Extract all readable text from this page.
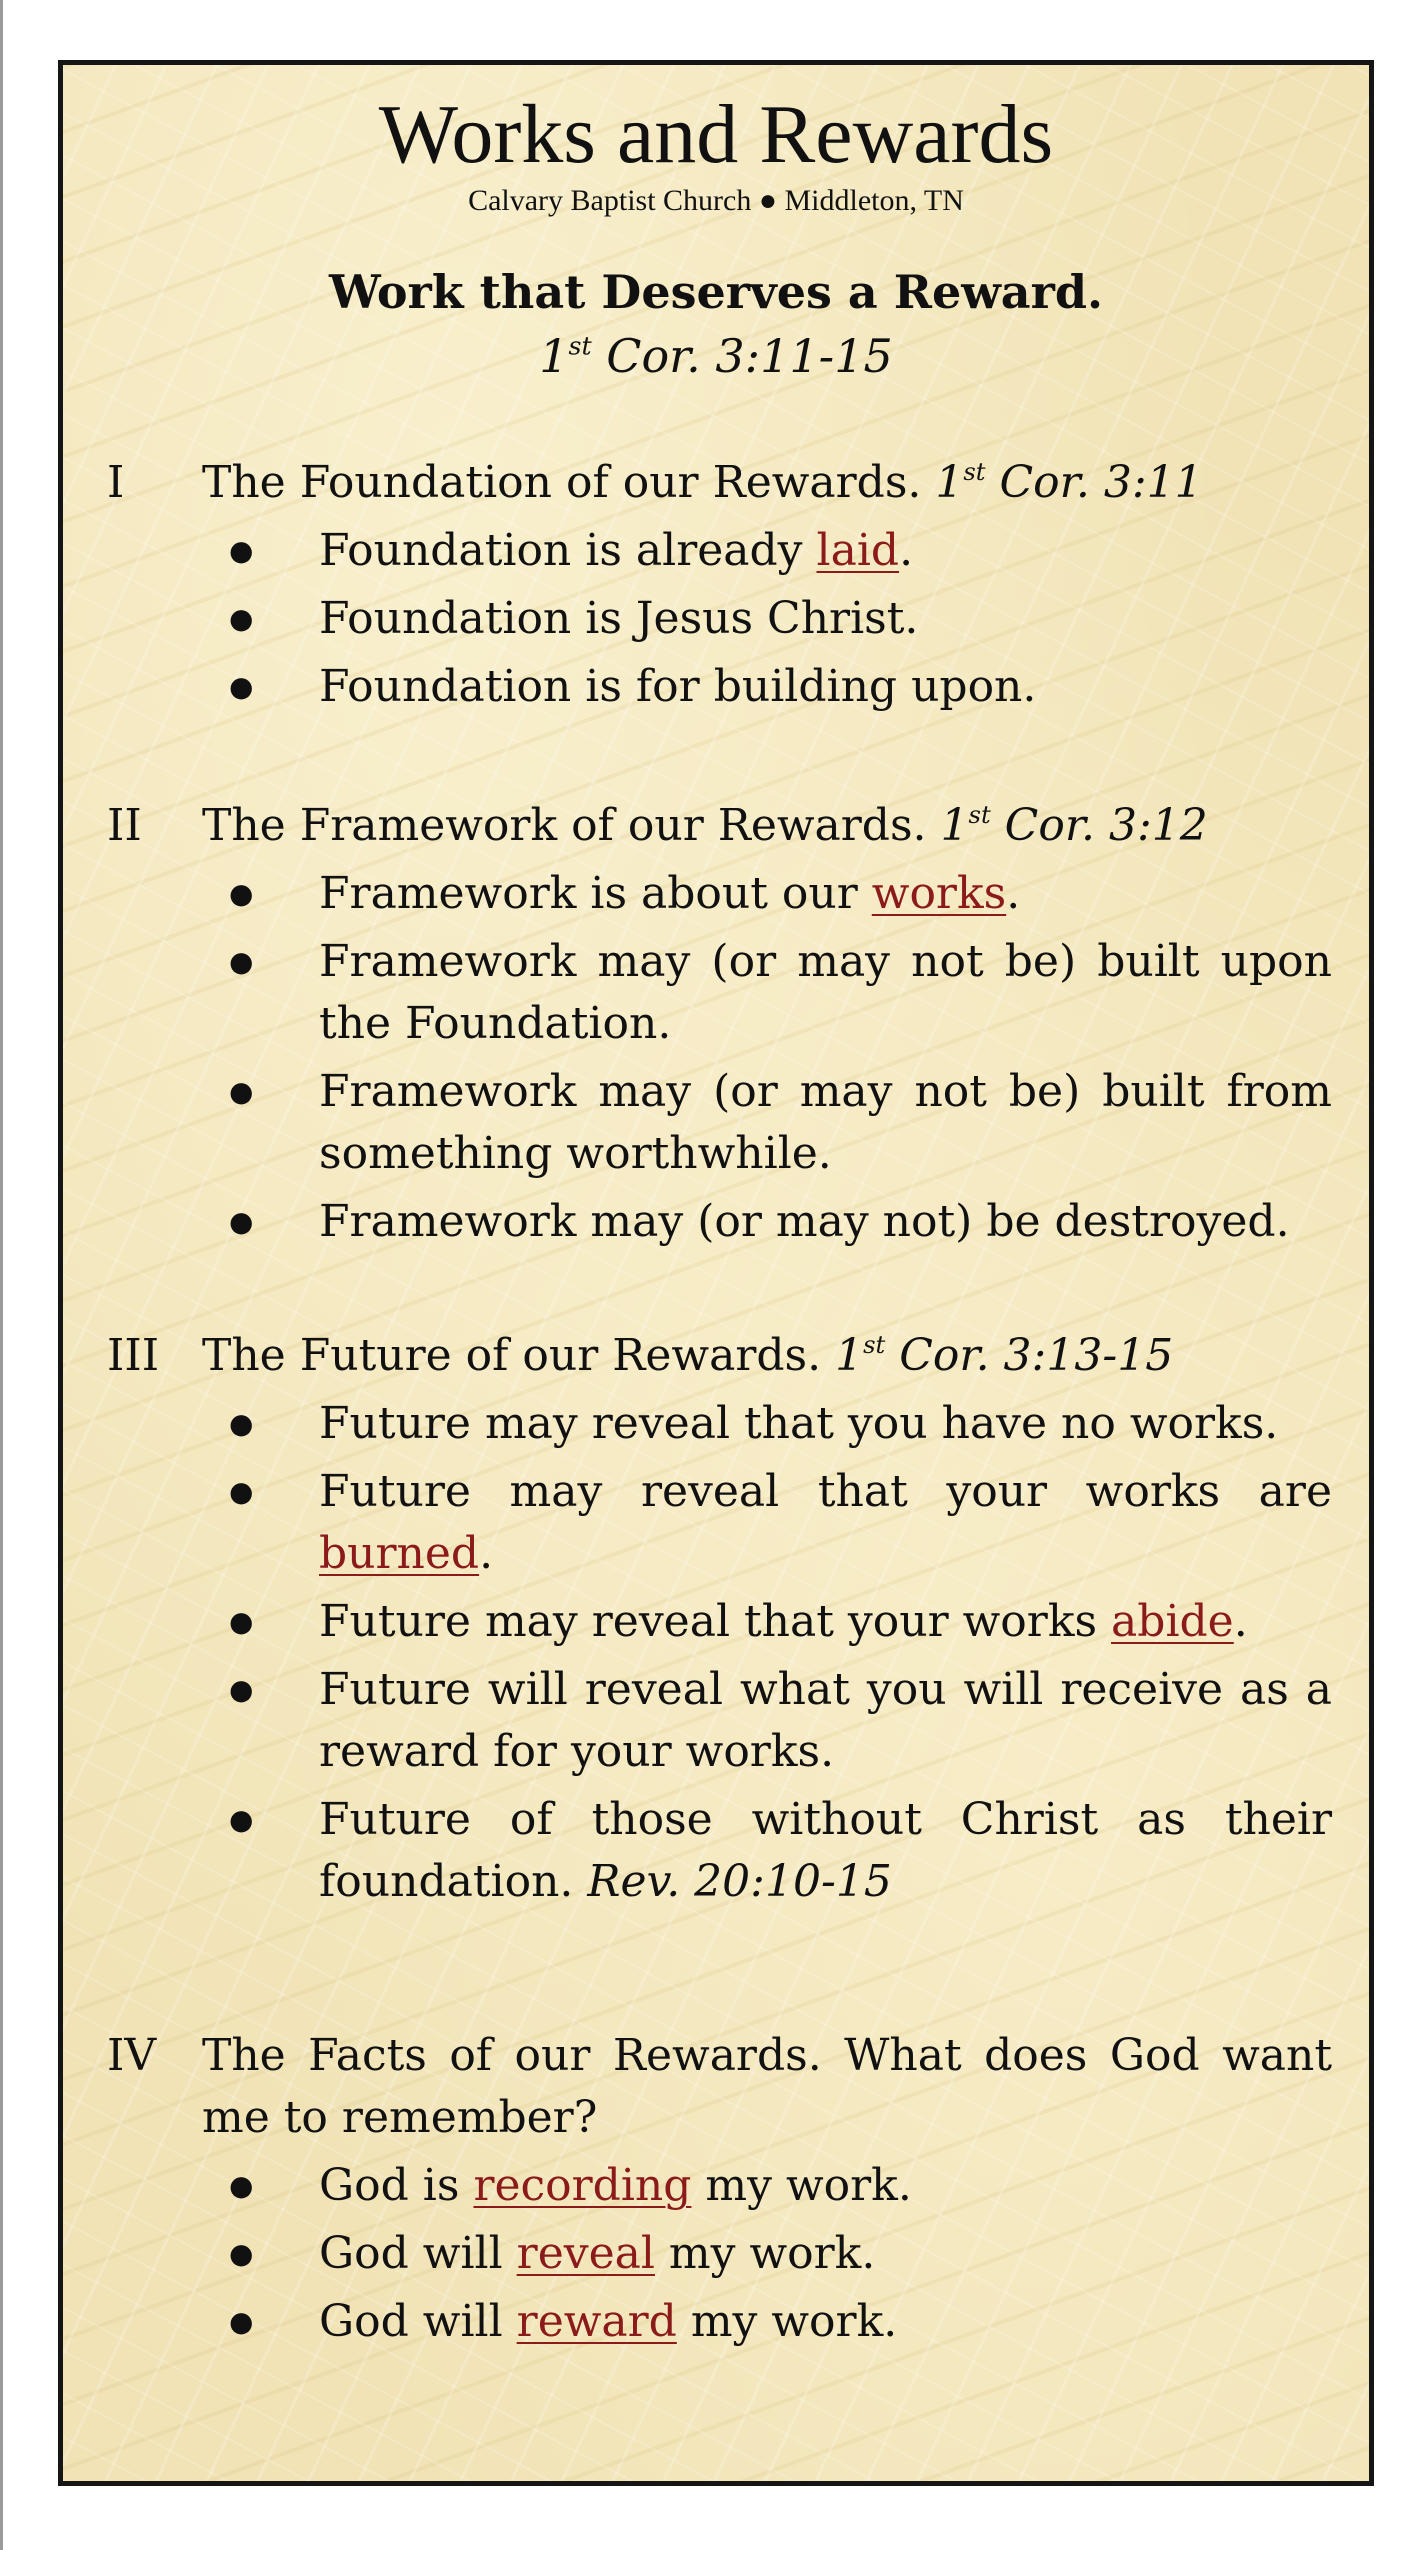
Works and Rewards
Calvary Baptist Church ● Middleton, TN
Work that Deserves a Reward.
1st Cor. 3:11-15
I The Foundation of our Rewards. 1st Cor. 3:11
● Foundation is already laid.
● Foundation is Jesus Christ.
● Foundation is for building upon.
II The Framework of our Rewards. 1st Cor. 3:12
● Framework is about our works.
● Framework may (or may not be) built upon the Foundation.
● Framework may (or may not be) built from something worthwhile.
● Framework may (or may not) be destroyed.
III The Future of our Rewards. 1st Cor. 3:13-15
● Future may reveal that you have no works.
● Future may reveal that your works are burned.
● Future may reveal that your works abide.
● Future will reveal what you will receive as a reward for your works.
● Future of those without Christ as their foundation. Rev. 20:10-15
IV The Facts of our Rewards. What does God want me to remember?
● God is recording my work.
● God will reveal my work.
● God will reward my work.
